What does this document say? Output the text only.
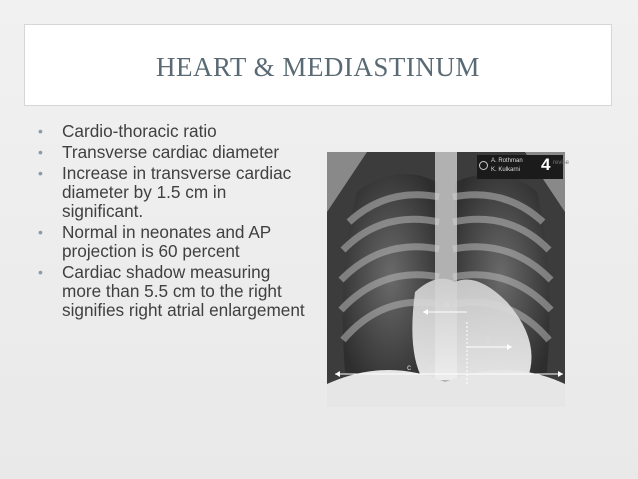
HEART & MEDIASTINUM
• Cardio-thoracic ratio
• Transverse cardiac diameter
• Increase in transverse cardiac diameter by 1.5 cm in significant.
• Normal in neonates and AP projection is 60 percent
• Cardiac shadow measuring more than 5.5 cm to the right signifies right atrial enlargement	a
b
c	d
A. Rothman
K. Kulkarni 4 revise
